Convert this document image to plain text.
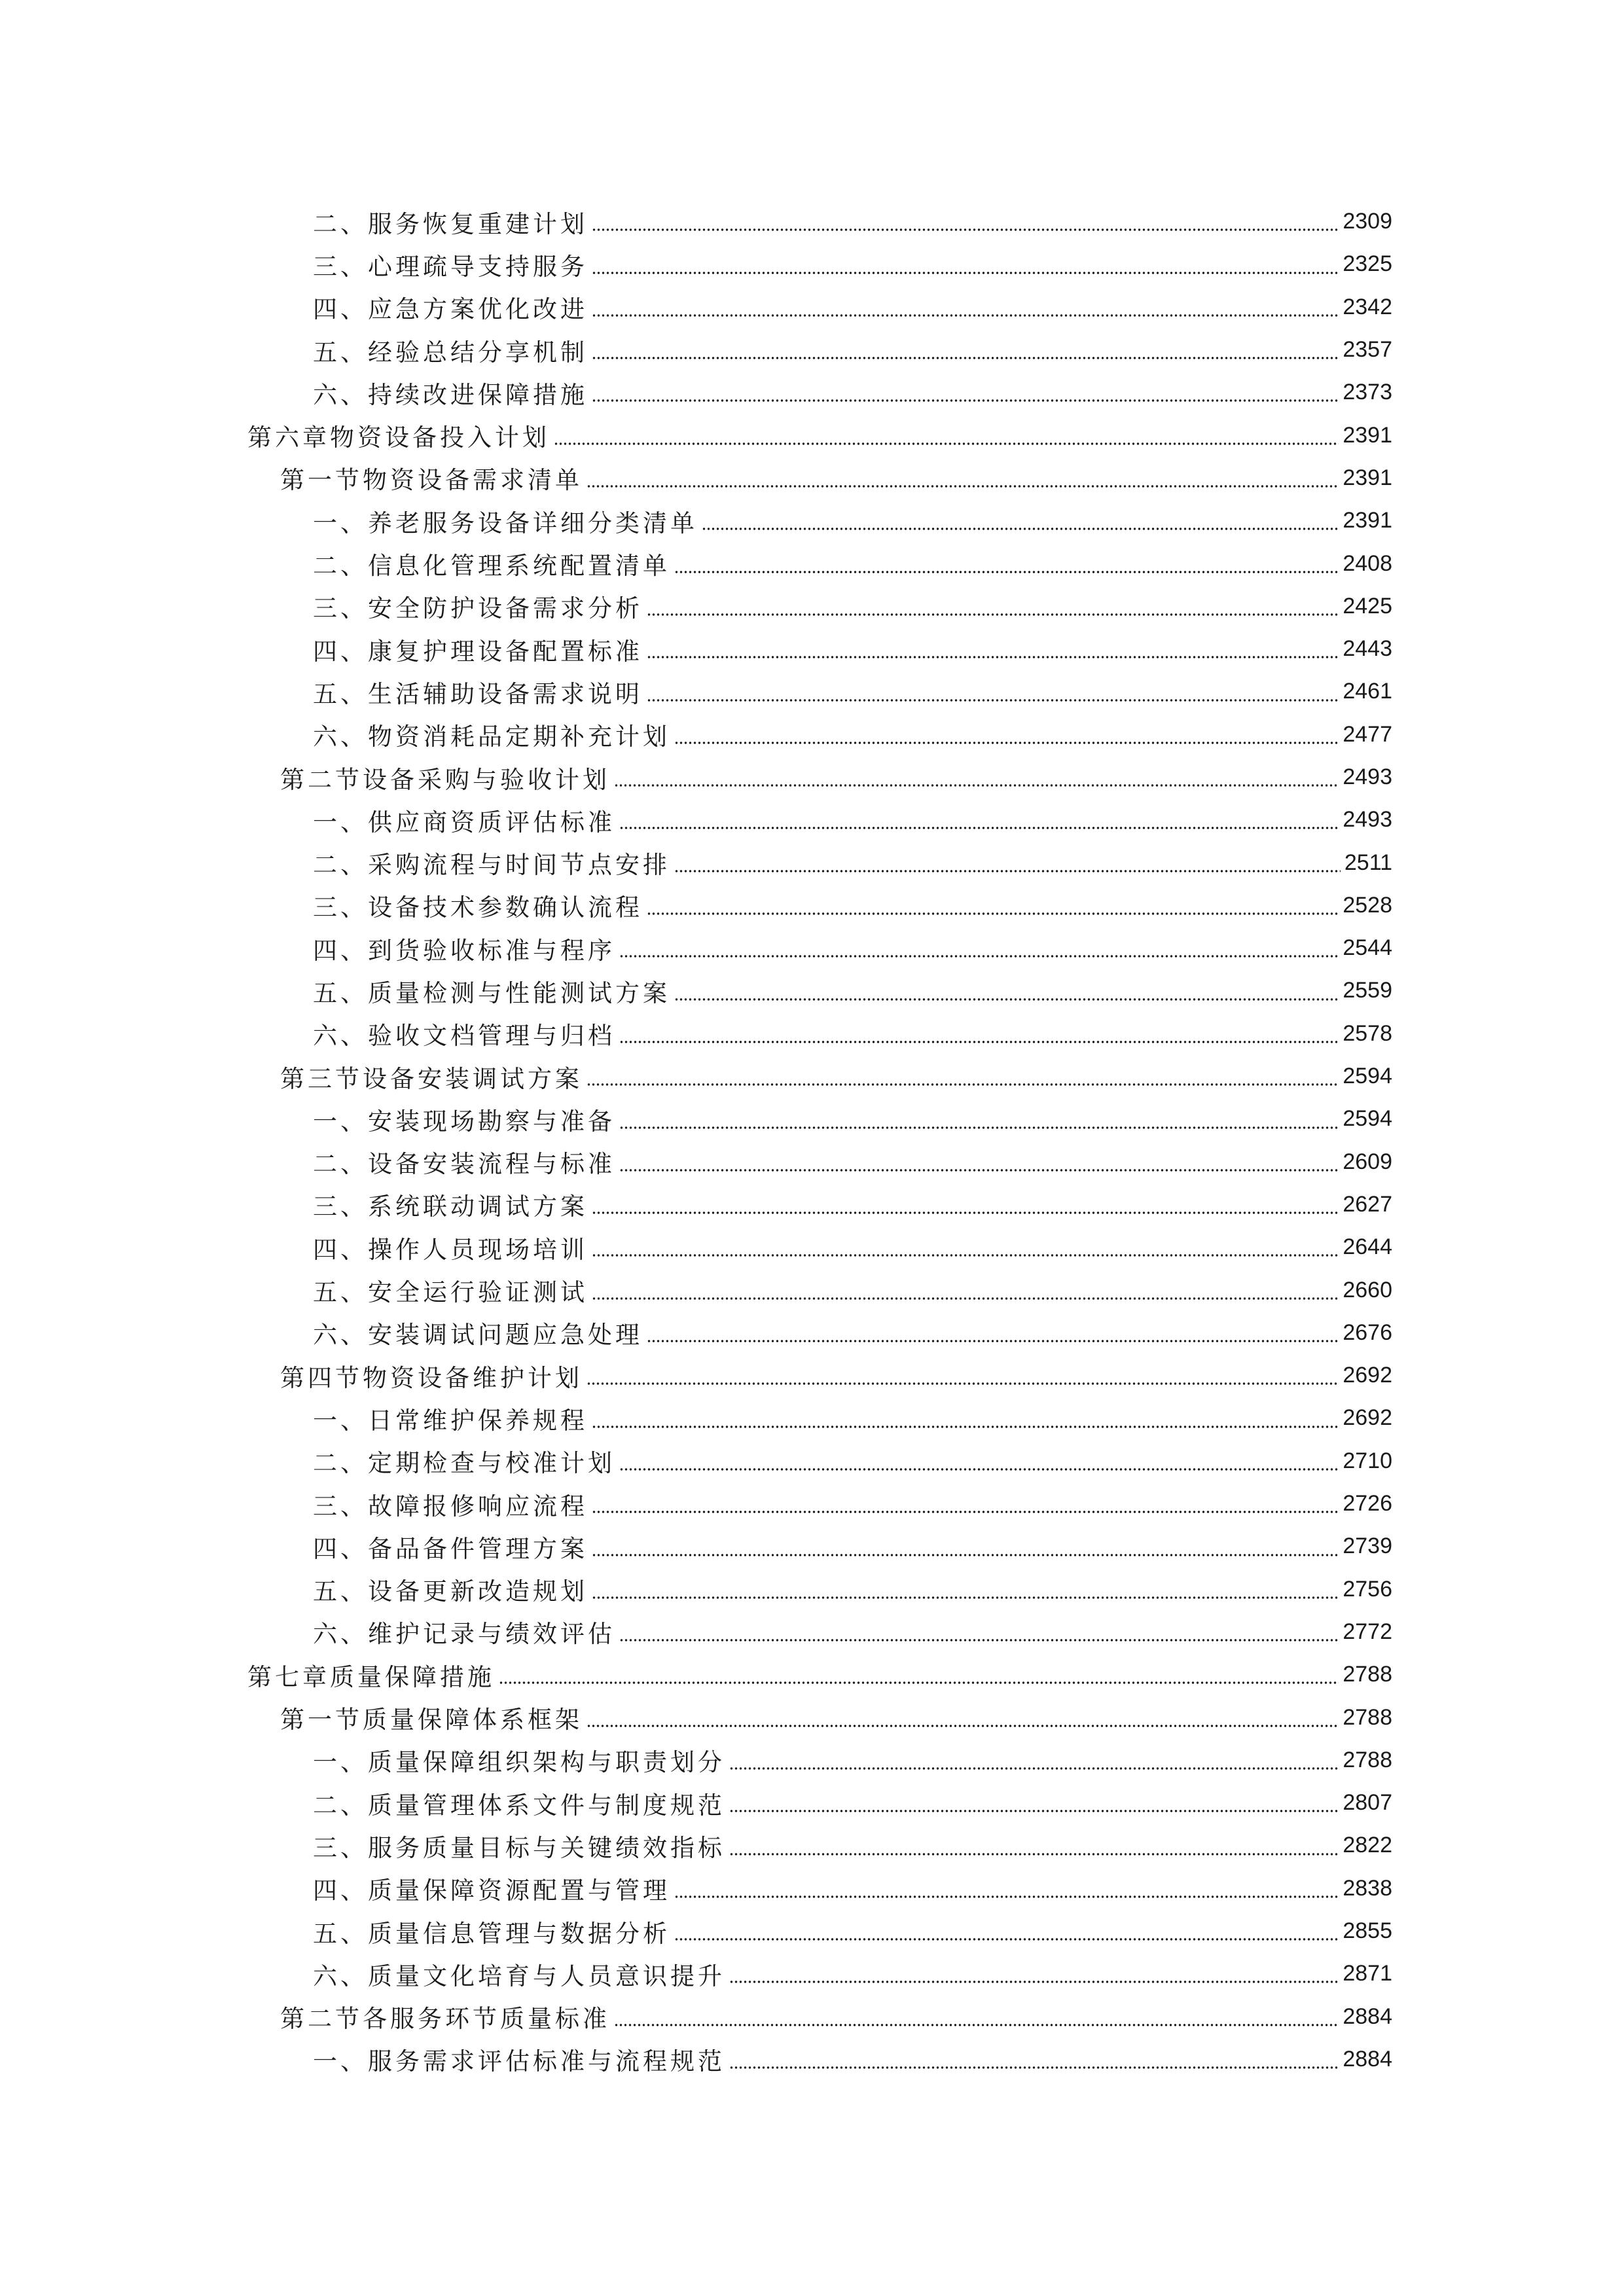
二、服务恢复重建计划	2309
三、心理疏导支持服务	2325
四、应急方案优化改进	2342
五、经验总结分享机制	2357
六、持续改进保障措施	2373
第六章物资设备投入计划	2391
第一节物资设备需求清单	2391
一、养老服务设备详细分类清单	2391
二、信息化管理系统配置清单	2408
三、安全防护设备需求分析	2425
四、康复护理设备配置标准	2443
五、生活辅助设备需求说明	2461
六、物资消耗品定期补充计划	2477
第二节设备采购与验收计划	2493
一、供应商资质评估标准	2493
二、采购流程与时间节点安排	2511
三、设备技术参数确认流程	2528
四、到货验收标准与程序	2544
五、质量检测与性能测试方案	2559
六、验收文档管理与归档	2578
第三节设备安装调试方案	2594
一、安装现场勘察与准备	2594
二、设备安装流程与标准	2609
三、系统联动调试方案	2627
四、操作人员现场培训	2644
五、安全运行验证测试	2660
六、安装调试问题应急处理	2676
第四节物资设备维护计划	2692
一、日常维护保养规程	2692
二、定期检查与校准计划	2710
三、故障报修响应流程	2726
四、备品备件管理方案	2739
五、设备更新改造规划	2756
六、维护记录与绩效评估	2772
第七章质量保障措施	2788
第一节质量保障体系框架	2788
一、质量保障组织架构与职责划分	2788
二、质量管理体系文件与制度规范	2807
三、服务质量目标与关键绩效指标	2822
四、质量保障资源配置与管理	2838
五、质量信息管理与数据分析	2855
六、质量文化培育与人员意识提升	2871
第二节各服务环节质量标准	2884
一、服务需求评估标准与流程规范	2884
